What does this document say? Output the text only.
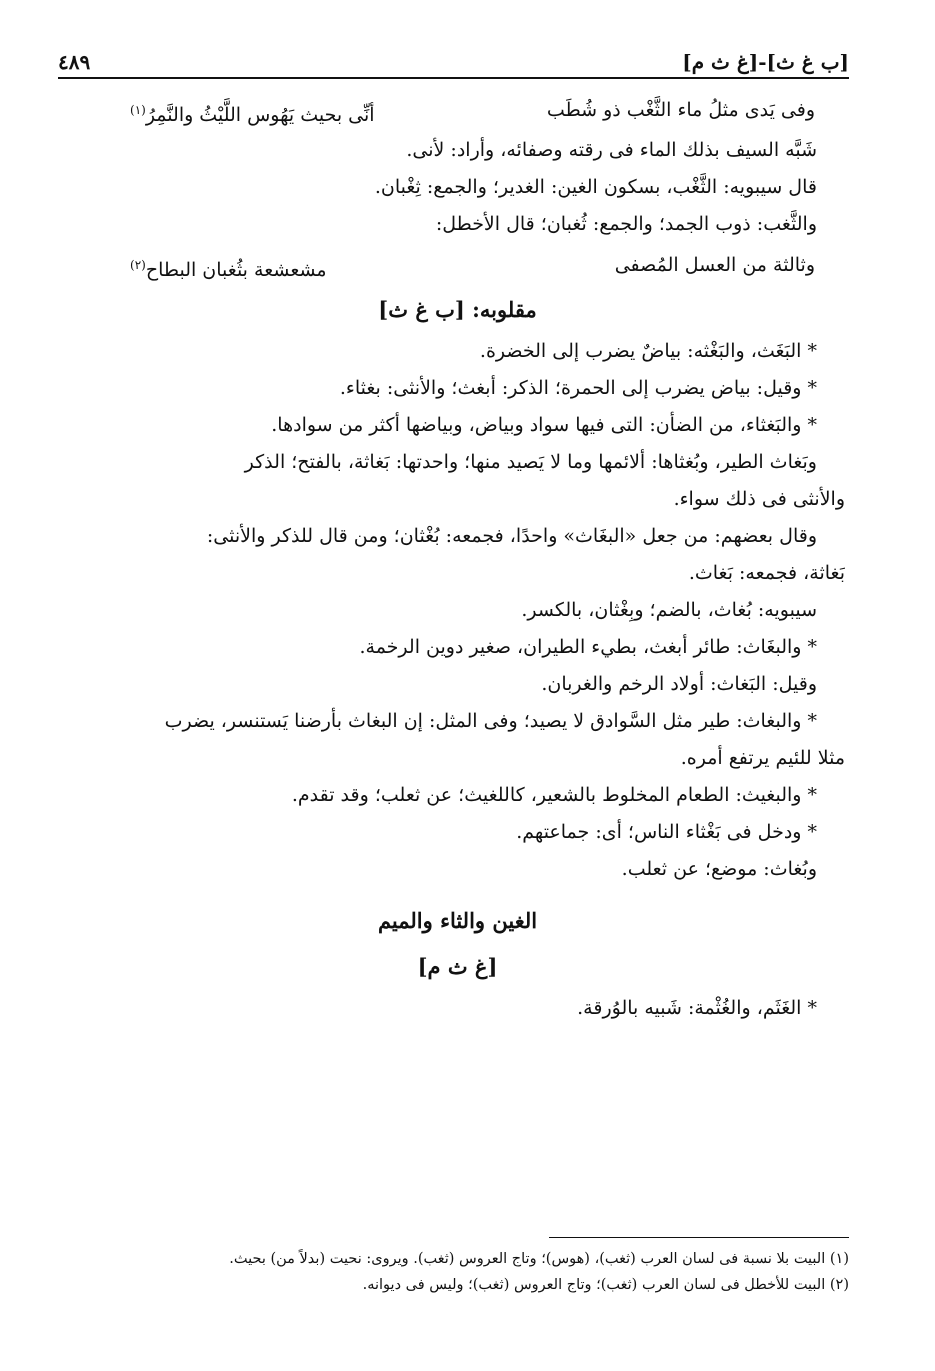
[ب غ ث]-[غ ث م]
٤٨٩
وفى يَدى مثلُ ماء الثَّغْب ذو شُطَب
أنِّى بحيث يَهُوس اللَّيْثُ والنَّمِرُ(١)
شَبَّه السيف بذلك الماء فى رقته وصفائه، وأراد: لأنى.
قال سيبويه: الثَّغْب، بسكون الغين: الغدير؛ والجمع: ثِغْبان.
والثَّغب: ذوب الجمد؛ والجمع: ثُغبان؛ قال الأخطل:
وثالثة من العسل المُصفى
مشعشعة بثُغبان البطاح(٢)
مقلوبه: [ب غ ث]
* البَغَث، والبَغْثه: بياضٌ يضرب إلى الخضرة.
* وقيل: بياض يضرب إلى الحمرة؛ الذكر: أبغث؛ والأنثى: بغثاء.
* والبَغثاء، من الضأن: التى فيها سواد وبياض، وبياضها أكثر من سوادها.
وبَغاث الطير، وبُغثاها: ألائمها وما لا يَصيد منها؛ واحدتها: بَغاثة، بالفتح؛ الذكر
والأنثى فى ذلك سواء.
وقال بعضهم: من جعل «البغَاث» واحدًا، فجمعه: بُغْثان؛ ومن قال للذكر والأنثى:
بَغاثة، فجمعه: بَغاث.
سيبويه: بُغاث، بالضم؛ وبِغْثان، بالكسر.
* والبغَاث: طائر أبغث، بطيء الطيران، صغير دوين الرخمة.
وقيل: البَغاث: أولاد الرخم والغربان.
* والبغاث: طير مثل السَّوادق لا يصيد؛ وفى المثل: إن البغاث بأرضنا يَستنسر، يضرب
مثلا للئيم يرتفع أمره.
* والبغيث: الطعام المخلوط بالشعير، كاللغيث؛ عن ثعلب؛ وقد تقدم.
* ودخل فى بَغْثاء الناس؛ أى: جماعتهم.
وبُغاث: موضع؛ عن ثعلب.
الغين والثاء والميم
[غ ث م]
* الغَثَم، والغُثْمة: شَبيه بالوُرقة.
(١) البيت بلا نسبة فى لسان العرب (ثغب)، (هوس)؛ وتاج العروس (ثغب). ويروى: نحيت (بدلاً من) بحيث.
(٢) البيت للأخطل فى لسان العرب (ثغب)؛ وتاج العروس (ثغب)؛ وليس فى ديوانه.
